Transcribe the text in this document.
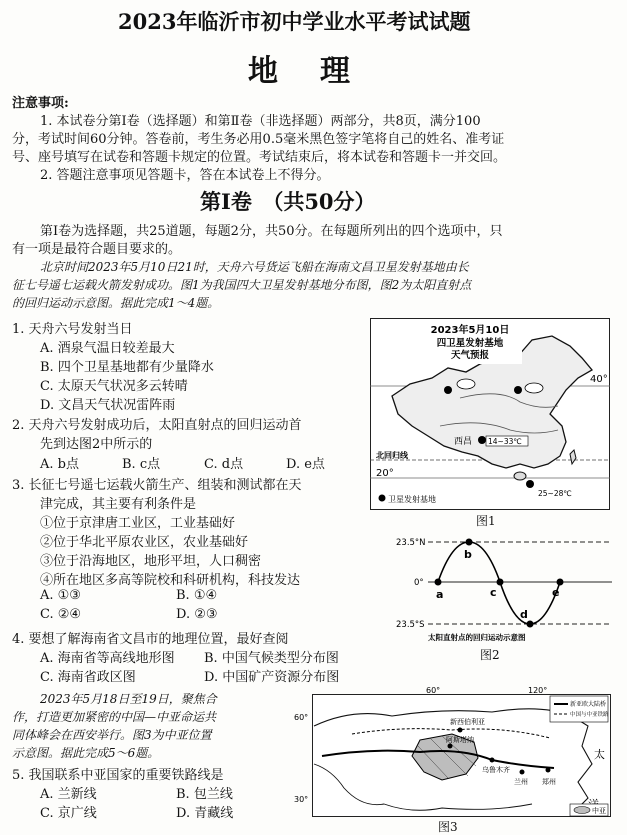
2023年临沂市初中学业水平考试试题
地　理
注意事项:
1. 本试卷分第Ⅰ卷（选择题）和第Ⅱ卷（非选择题）两部分，共8页，满分100
分，考试时间60分钟。答卷前，考生务必用0.5毫米黑色签字笔将自己的姓名、准考证
号、座号填写在试卷和答题卡规定的位置。考试结束后，将本试卷和答题卡一并交回。
2. 答题注意事项见答题卡，答在本试卷上不得分。
第Ⅰ卷　（共50分）
第Ⅰ卷为选择题，共25道题，每题2分，共50分。在每题所列出的四个选项中，只
有一项是最符合题目要求的。
北京时间2023年5月10日21时，天舟六号货运飞船在海南文昌卫星发射基地由长
征七号遥七运载火箭发射成功。图1为我国四大卫星发射基地分布图，图2为太阳直射点
的回归运动示意图。据此完成1～4题。
1. 天舟六号发射当日
A. 酒泉气温日较差最大
B. 四个卫星基地都有少量降水
C. 太原天气状况多云转晴
D. 文昌天气状况雷阵雨
2. 天舟六号发射成功后，太阳直射点的回归运动首
先到达图2中所示的
A. b点	B. c点	C. d点	D. e点
3. 长征七号遥七运载火箭生产、组装和测试都在天
津完成，其主要有利条件是
①位于京津唐工业区，工业基础好
②位于华北平原农业区，农业基础好
③位于沿海地区，地形平坦，人口稠密
④所在地区多高等院校和科研机构，科技发达
A. ①③	B. ①④
C. ②④	D. ②③
4. 要想了解海南省文昌市的地理位置，最好查阅
A. 海南省等高线地形图 B. 中国气候类型分布图
C. 海南省政区图	D. 中国矿产资源分布图
2023年5月18日至19日，聚焦合
作，打造更加紧密的中国—中亚命运共
同体峰会在西安举行。图3为中亚位置
示意图。据此完成5～6题。
5. 我国联系中亚国家的重要铁路线是
A. 兰新线	B. 包兰线
C. 京广线	D. 青藏线
2023年5月10日
四卫星发射基地
天气预报
40°
20°
北回归线
西昌 14~33℃
25~28℃
卫星发射基地
图1
23.5°N
0°
23.5°S
a
b
c
d
e
太阳直射点的回归运动示意图
图2
60°	120°
60°
30°
新西伯利亚
阿斯塔纳
乌鲁木齐
兰州 郑州
太
新亚欧大陆桥
中国与中亚铁路
中亚
图3
